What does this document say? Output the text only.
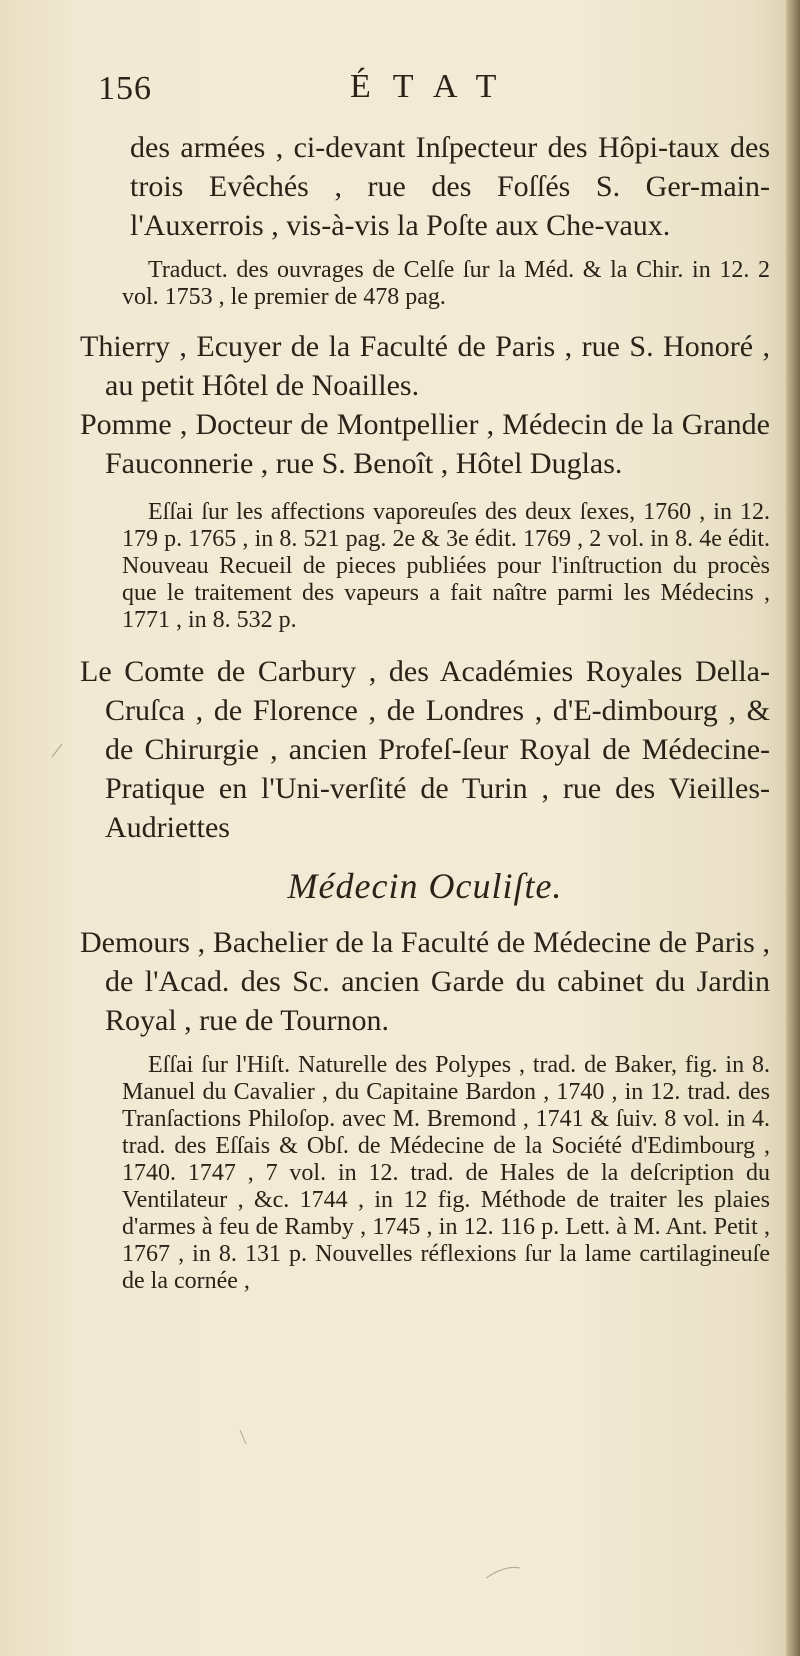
156	ÉTAT

des armées , ci-devant Inſpecteur des Hôpi-taux des trois Evêchés , rue des Foſſés S. Ger-main-l'Auxerrois , vis-à-vis la Poſte aux Che-vaux.

Traduct. des ouvrages de Celſe ſur la Méd. & la Chir. in 12. 2 vol. 1753 , le premier de 478 pag.

Thierry , Ecuyer de la Faculté de Paris , rue S. Honoré , au petit Hôtel de Noailles.

Pomme , Docteur de Montpellier , Médecin de la Grande Fauconnerie , rue S. Benoît , Hôtel Duglas.

Eſſai ſur les affections vaporeuſes des deux ſexes, 1760 , in 12. 179 p. 1765 , in 8. 521 pag. 2e & 3e édit. 1769 , 2 vol. in 8. 4e édit. Nouveau Recueil de pieces publiées pour l'inſtruction du procès que le traitement des vapeurs a fait naître parmi les Médecins , 1771 , in 8. 532 p.

Le Comte de Carbury , des Académies Royales Della-Cruſca , de Florence , de Londres , d'E-dimbourg , & de Chirurgie , ancien Profeſ-ſeur Royal de Médecine-Pratique en l'Uni-verſité de Turin , rue des Vieilles-Audriettes

Médecin Oculiſte.

Demours , Bachelier de la Faculté de Médecine de Paris , de l'Acad. des Sc. ancien Garde du cabinet du Jardin Royal , rue de Tournon.

Eſſai ſur l'Hiſt. Naturelle des Polypes , trad. de Baker, fig. in 8. Manuel du Cavalier , du Capitaine Bardon , 1740 , in 12. trad. des Tranſactions Philoſop. avec M. Bremond , 1741 & ſuiv. 8 vol. in 4. trad. des Eſſais & Obſ. de Médecine de la Société d'Edimbourg , 1740. 1747 , 7 vol. in 12. trad. de Hales de la deſcription du Ventilateur , &c. 1744 , in 12 fig. Méthode de traiter les plaies d'armes à feu de Ramby , 1745 , in 12. 116 p. Lett. à M. Ant. Petit , 1767 , in 8. 131 p. Nouvelles réflexions ſur la lame cartilagineuſe de la cornée ,
